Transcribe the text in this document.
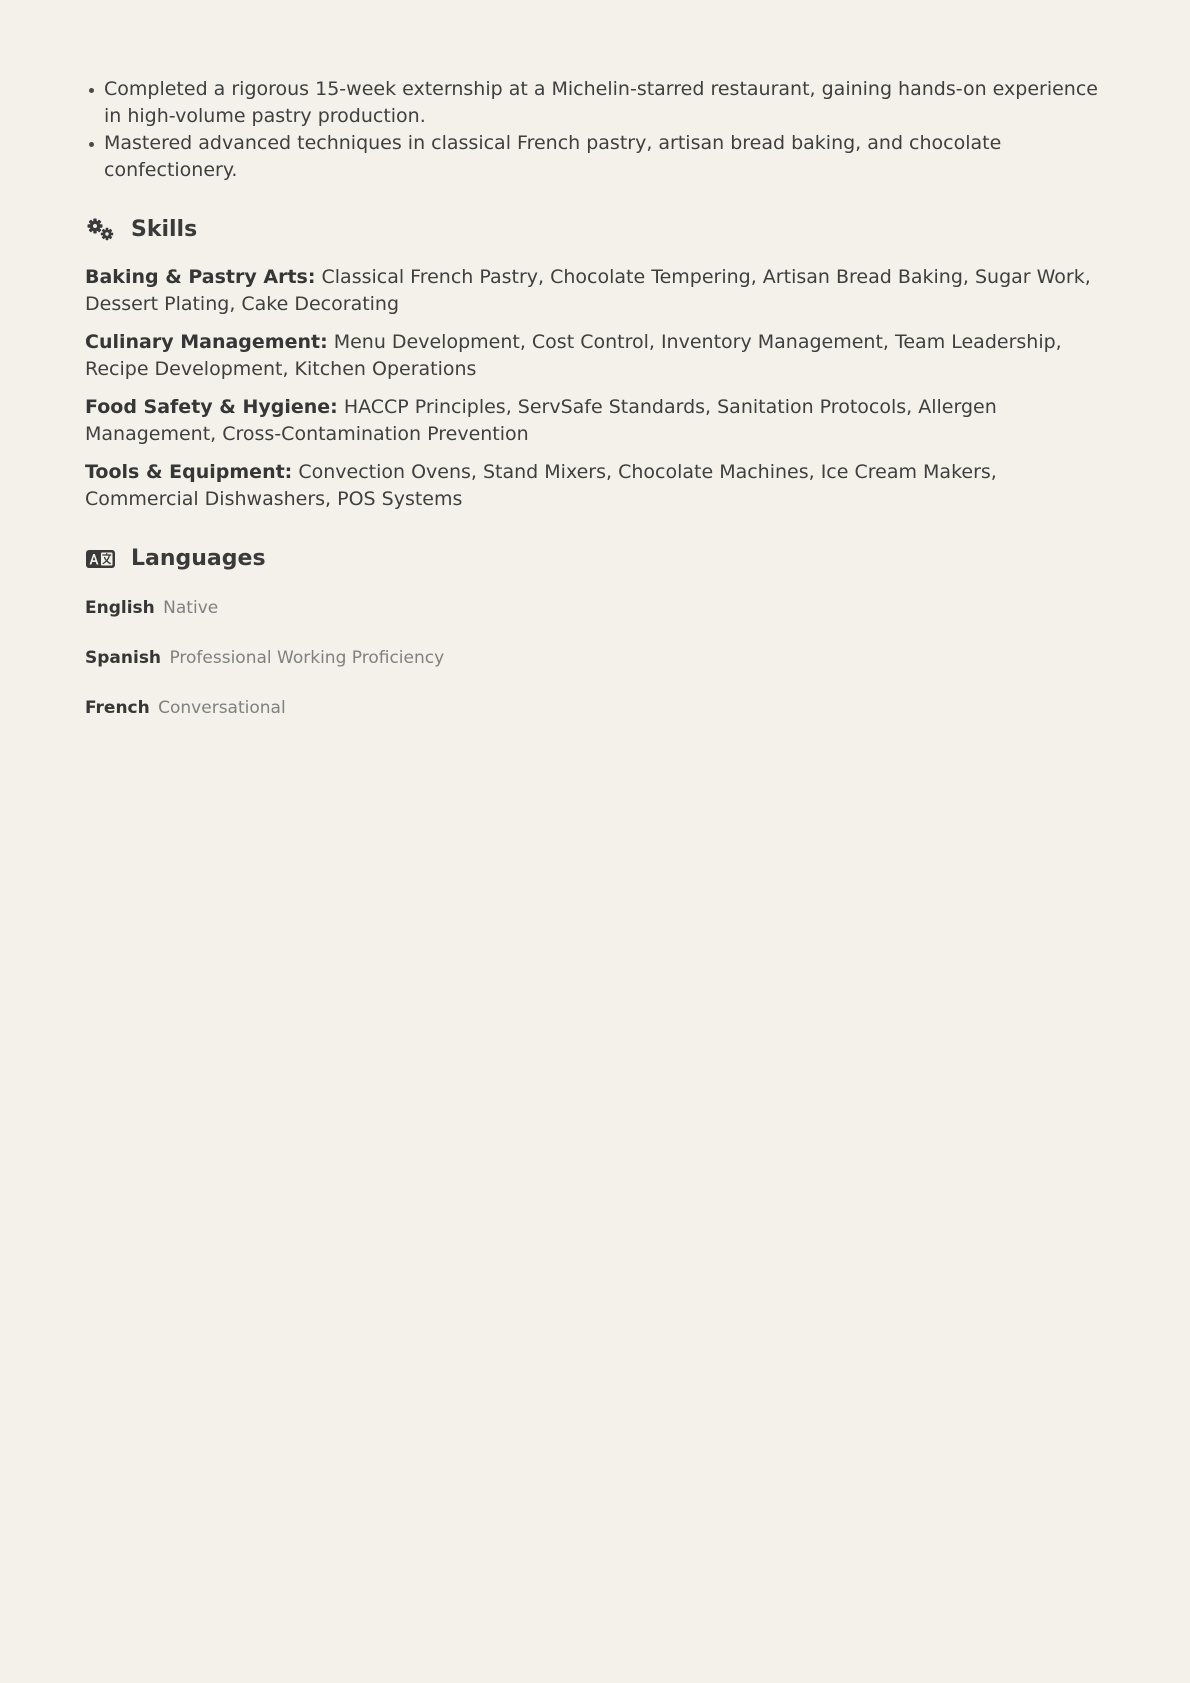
Completed a rigorous 15-week externship at a Michelin-starred restaurant, gaining hands-on experience in high-volume pastry production.
Mastered advanced techniques in classical French pastry, artisan bread baking, and chocolate confectionery.
Skills

Baking & Pastry Arts: Classical French Pastry, Chocolate Tempering, Artisan Bread Baking, Sugar Work, Dessert Plating, Cake Decorating

Culinary Management: Menu Development, Cost Control, Inventory Management, Team Leadership, Recipe Development, Kitchen Operations

Food Safety & Hygiene: HACCP Principles, ServSafe Standards, Sanitation Protocols, Allergen Management, Cross-Contamination Prevention

Tools & Equipment: Convection Ovens, Stand Mixers, Chocolate Machines, Ice Cream Makers, Commercial Dishwashers, POS Systems

Languages

English Native

Spanish Professional Working Proficiency

French Conversational
